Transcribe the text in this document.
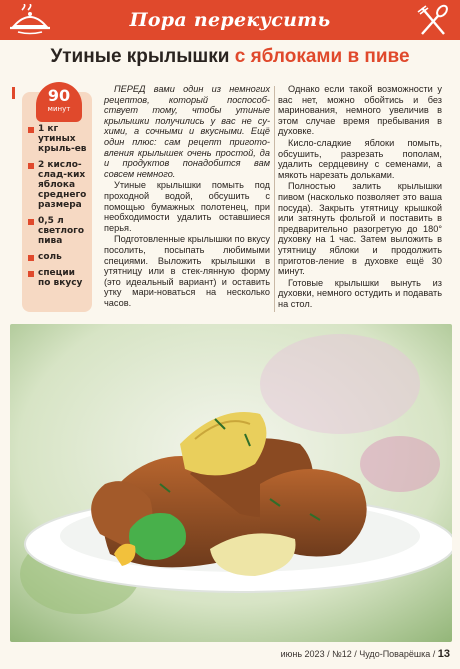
Пора перекусить
Утиные крылышки с яблоками в пиве
90
минут
1 кг утиных крыль-ев
2 кисло-слад-ких яблока среднего размера
0,5 л светлого пива
соль
специи по вкусу

ПЕРЕД вами один из немногих рецептов, который поспособ-ствует тому, чтобы утиные крылышки получились у вас не су-хими, а сочными и вкусными. Ещё один плюс: сам рецепт пригото-вления крылышек очень простой, да и продуктов понадобится вам совсем немного.

Утиные крылышки помыть под проходной водой, обсушить с помощью бумажных полотенец, при необходимости удалить оставшиеся перья.

Подготовленные крылышки по вкусу посолить, посыпать любимыми специями. Выложить крылышки в утятницу или в стек-лянную форму (это идеальный вариант) и оставить утку мари-новаться на несколько часов.

Однако если такой возможности у вас нет, можно обойтись и без маринования, немного увеличив в этом случае время пребывания в духовке.

Кисло-сладкие яблоки помыть, обсушить, разрезать пополам, удалить сердцевину с семенами, а мякоть нарезать дольками.

Полностью залить крылышки пивом (насколько позволяет это ваша посуда). Закрыть утятницу крышкой или затянуть фольгой и поставить в предварительно разогретую до 180° духовку на 1 час. Затем выложить в утятницу яблоки и продолжить приготов-ление в духовке ещё 30 минут.

Готовые крылышки вынуть из духовки, немного остудить и подавать на стол.

июнь 2023 / №12 / Чудо-Поварёшка / 13
